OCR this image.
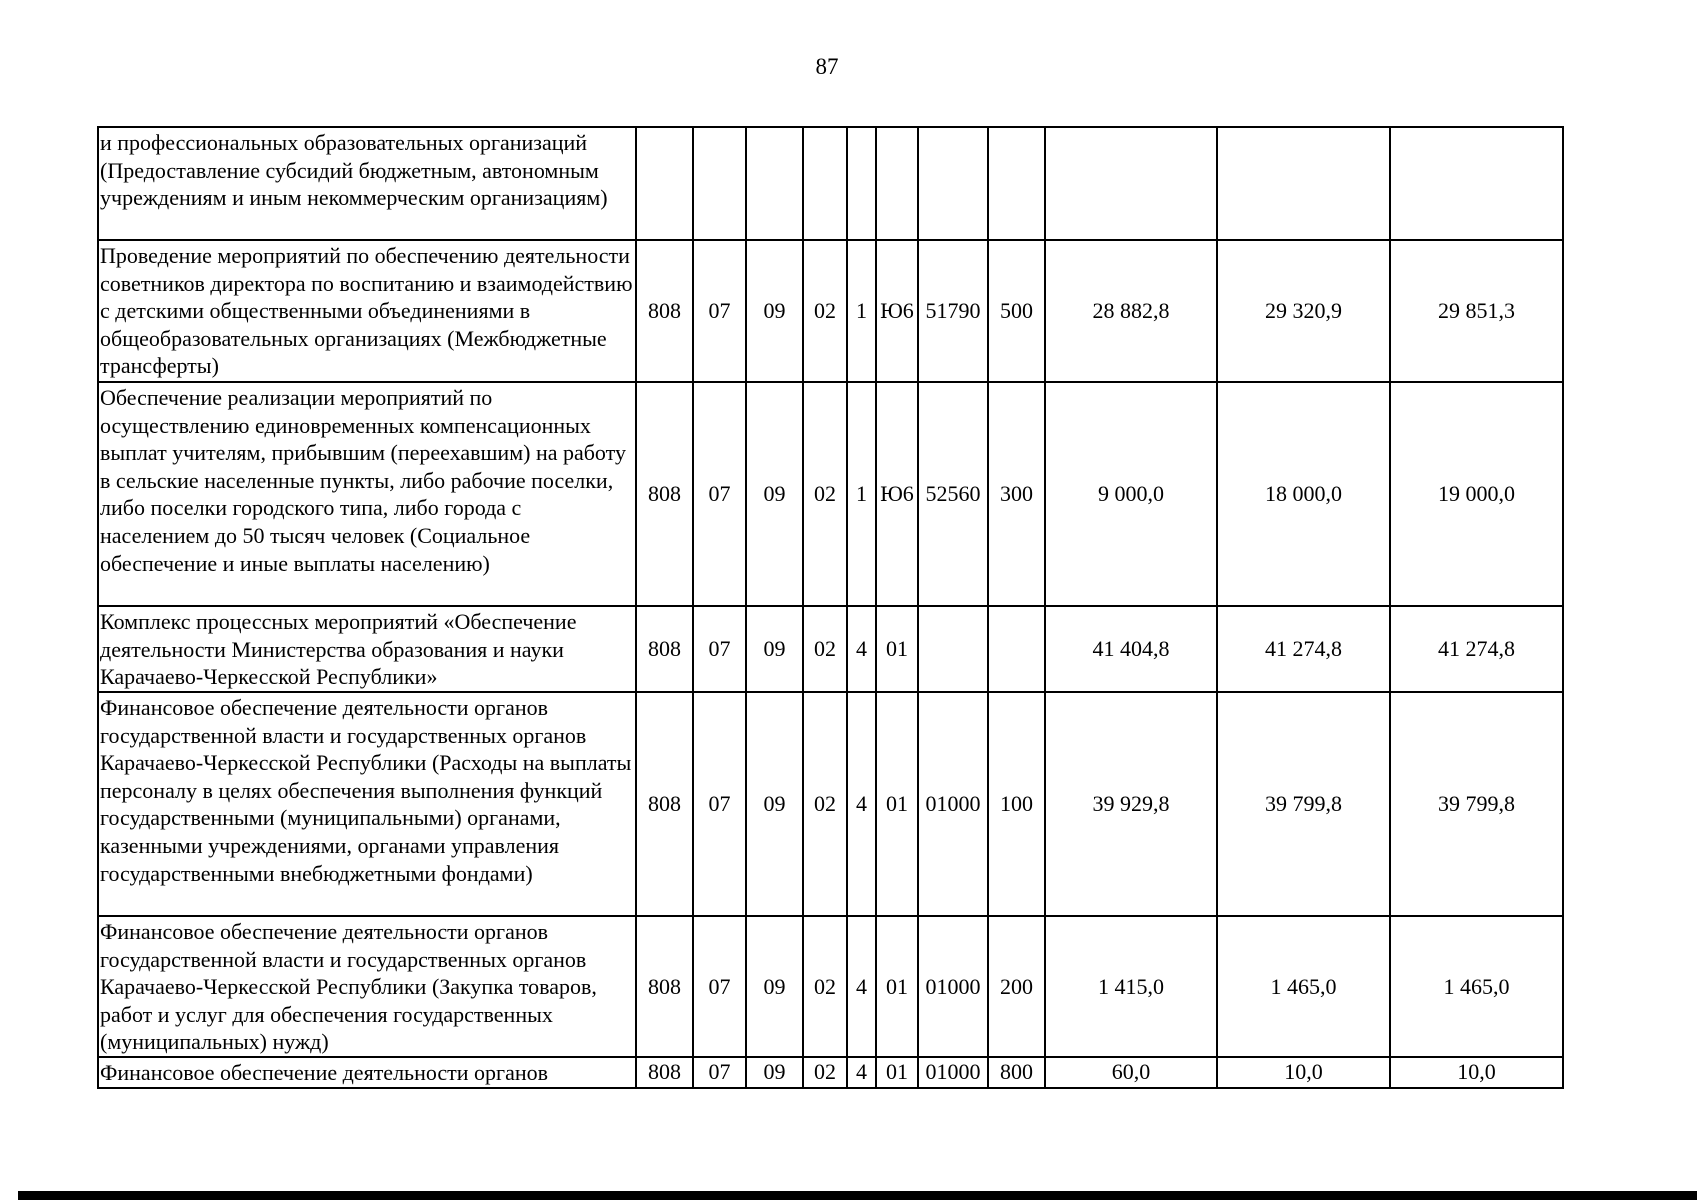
87
и профессиональных образовательных организаций (Предоставление субсидий бюджетным, автономным учреждениям и иным некоммерческим организациям)											
Проведение мероприятий по обеспечению деятельности советников директора по воспитанию и взаимодействию с детскими общественными объединениями в общеобразовательных организациях (Межбюджетные трансферты)	808	07	09	02	1	Ю6	51790	500	28 882,8	29 320,9	29 851,3
Обеспечение реализации мероприятий по осуществлению единовременных компенсационных выплат учителям, прибывшим (переехавшим) на работу в сельские населенные пункты, либо рабочие поселки, либо поселки городского типа, либо города с населением до 50 тысяч человек (Социальное обеспечение и иные выплаты населению)	808	07	09	02	1	Ю6	52560	300	9 000,0	18 000,0	19 000,0
Комплекс процессных мероприятий «Обеспечение деятельности Министерства образования и науки Карачаево-Черкесской Республики»	808	07	09	02	4	01			41 404,8	41 274,8	41 274,8
Финансовое обеспечение деятельности органов государственной власти и государственных органов Карачаево-Черкесской Республики (Расходы на выплаты персоналу в целях обеспечения выполнения функций государственными (муниципальными) органами, казенными учреждениями, органами управления государственными внебюджетными фондами)	808	07	09	02	4	01	01000	100	39 929,8	39 799,8	39 799,8
Финансовое обеспечение деятельности органов государственной власти и государственных органов Карачаево-Черкесской Республики (Закупка товаров, работ и услуг для обеспечения государственных (муниципальных) нужд)	808	07	09	02	4	01	01000	200	1 415,0	1 465,0	1 465,0
Финансовое обеспечение деятельности органов	808	07	09	02	4	01	01000	800	60,0	10,0	10,0
